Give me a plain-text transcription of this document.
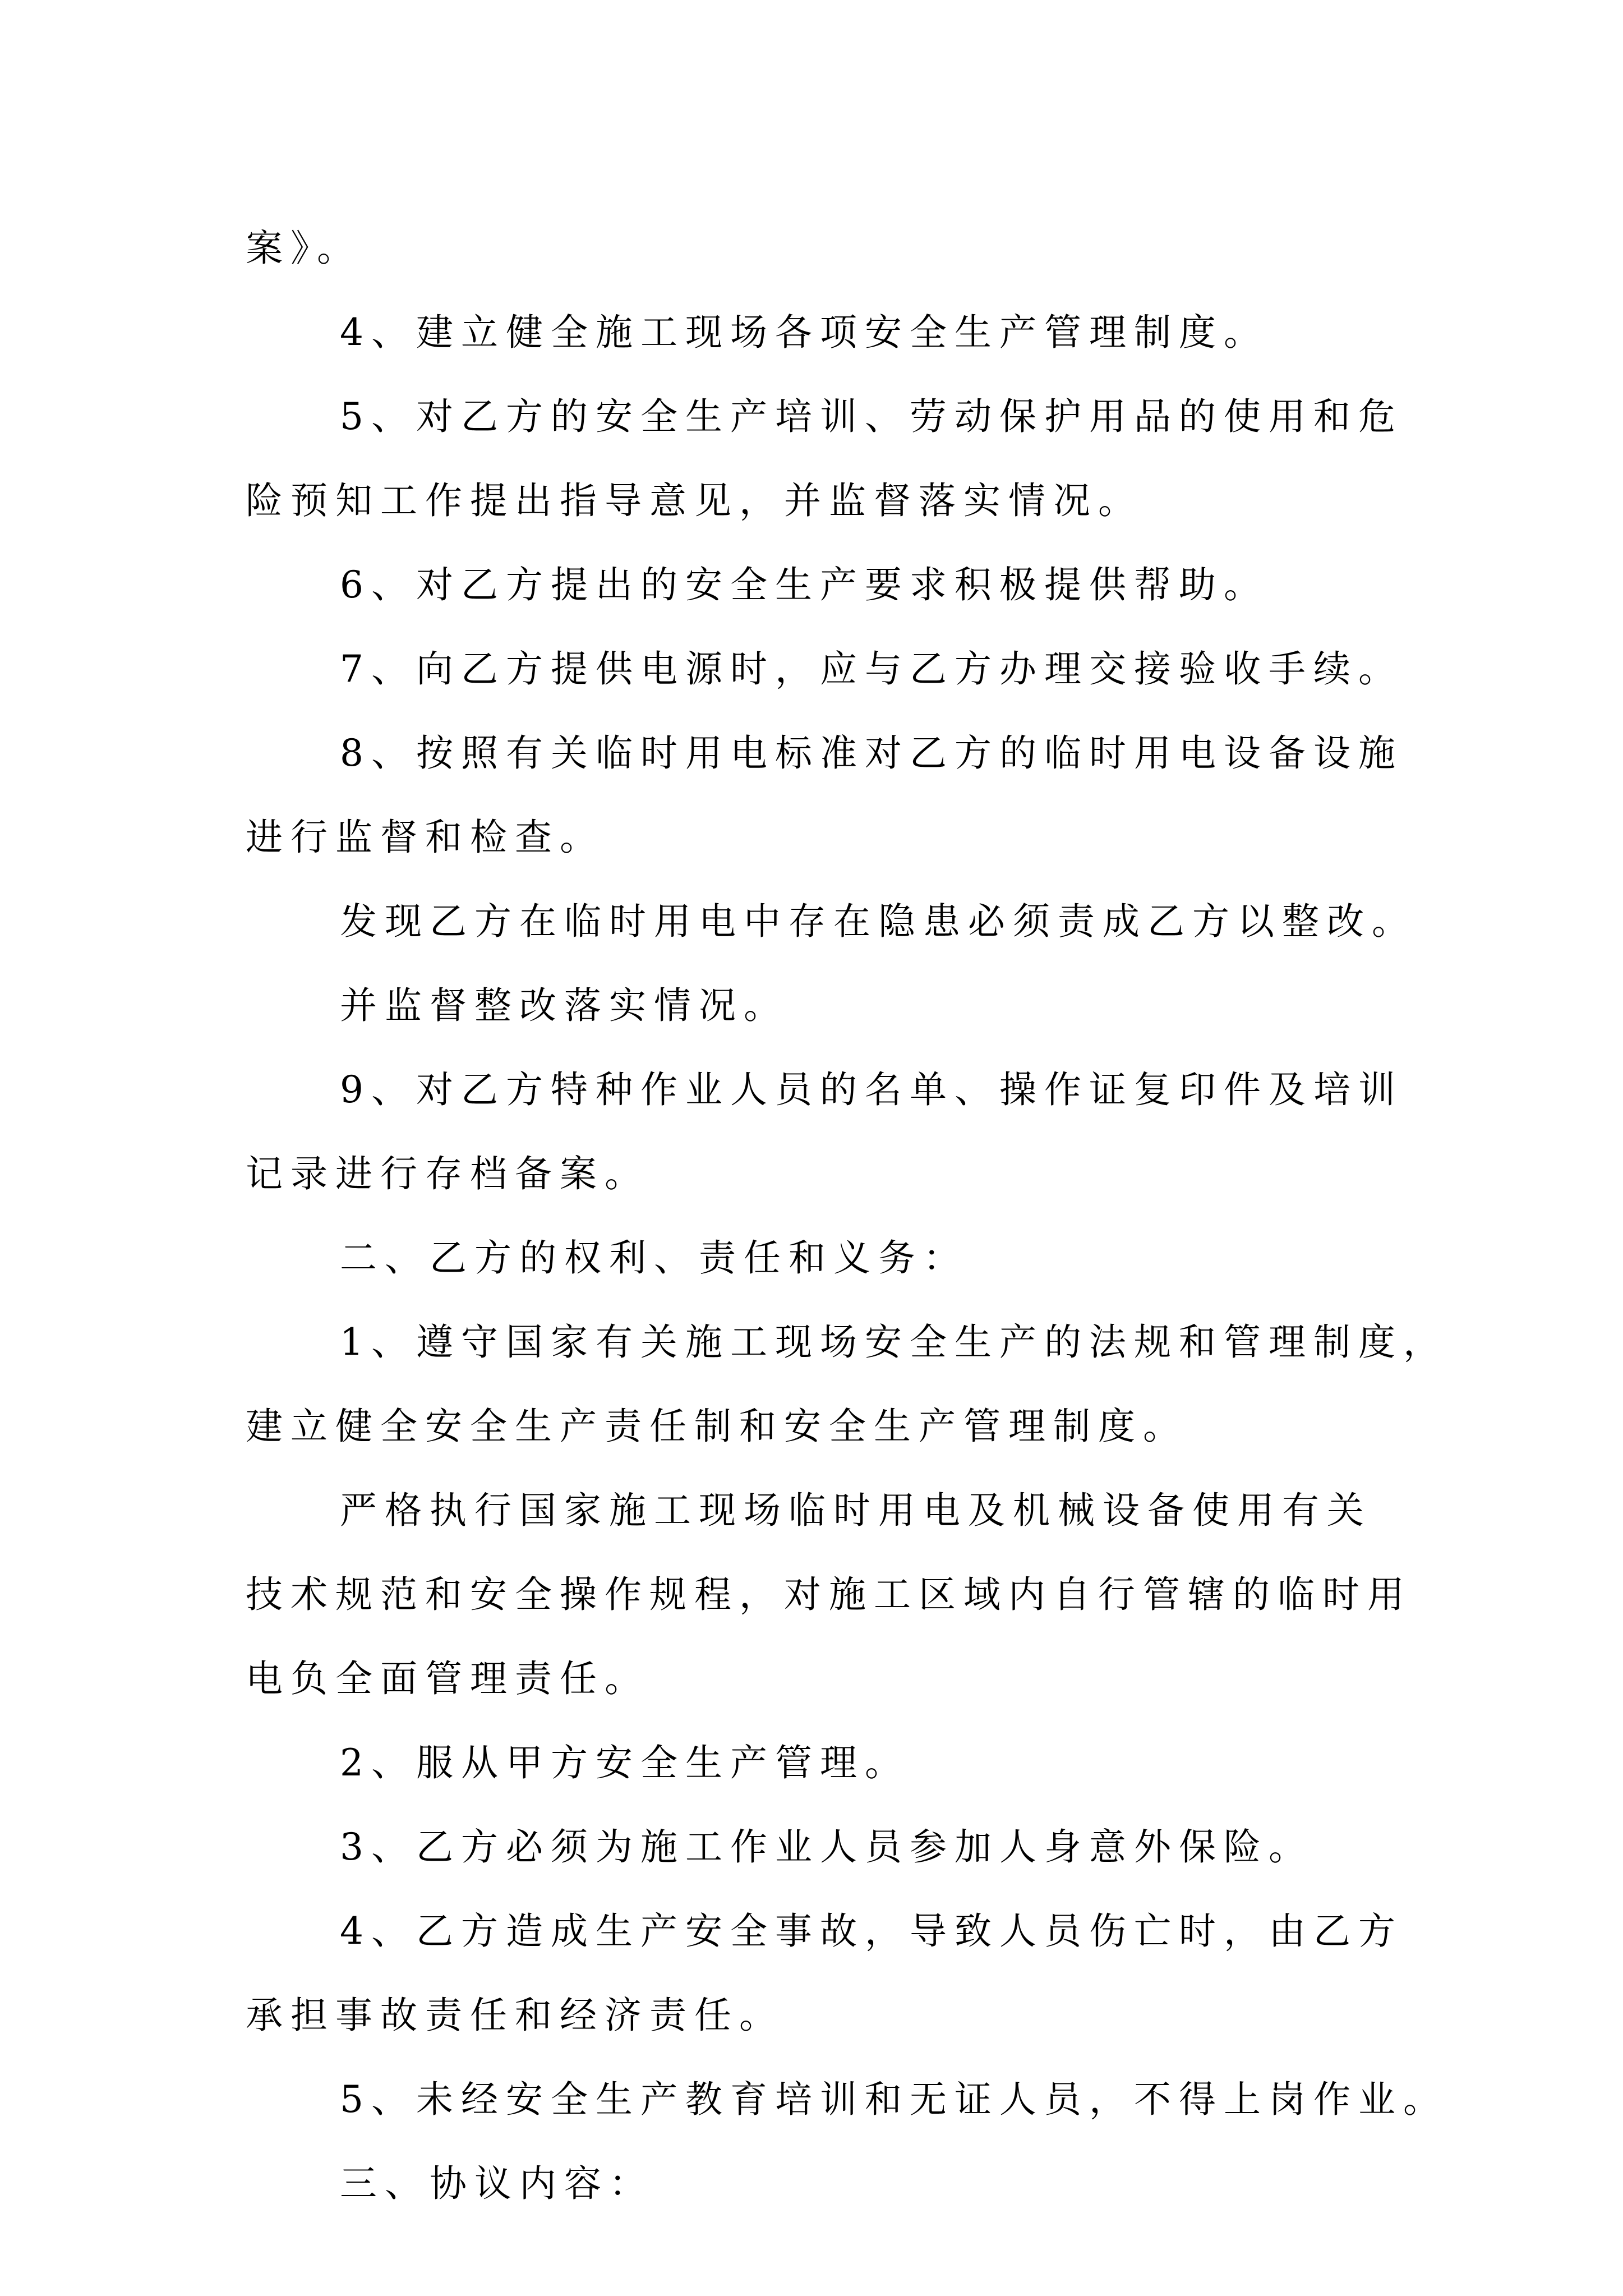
案》。
4、建立健全施工现场各项安全生产管理制度。
5、对乙方的安全生产培训、劳动保护用品的使用和危
险预知工作提出指导意见，并监督落实情况。
6、对乙方提出的安全生产要求积极提供帮助。
7、向乙方提供电源时，应与乙方办理交接验收手续。
8、按照有关临时用电标准对乙方的临时用电设备设施
进行监督和检查。
发现乙方在临时用电中存在隐患必须责成乙方以整改。
并监督整改落实情况。
9、对乙方特种作业人员的名单、操作证复印件及培训
记录进行存档备案。
二、乙方的权利、责任和义务：
1、遵守国家有关施工现场安全生产的法规和管理制度，
建立健全安全生产责任制和安全生产管理制度。
严格执行国家施工现场临时用电及机械设备使用有关
技术规范和安全操作规程，对施工区域内自行管辖的临时用
电负全面管理责任。
2、服从甲方安全生产管理。
3、乙方必须为施工作业人员参加人身意外保险。
4、乙方造成生产安全事故，导致人员伤亡时，由乙方
承担事故责任和经济责任。
5、未经安全生产教育培训和无证人员，不得上岗作业。
三、协议内容：
